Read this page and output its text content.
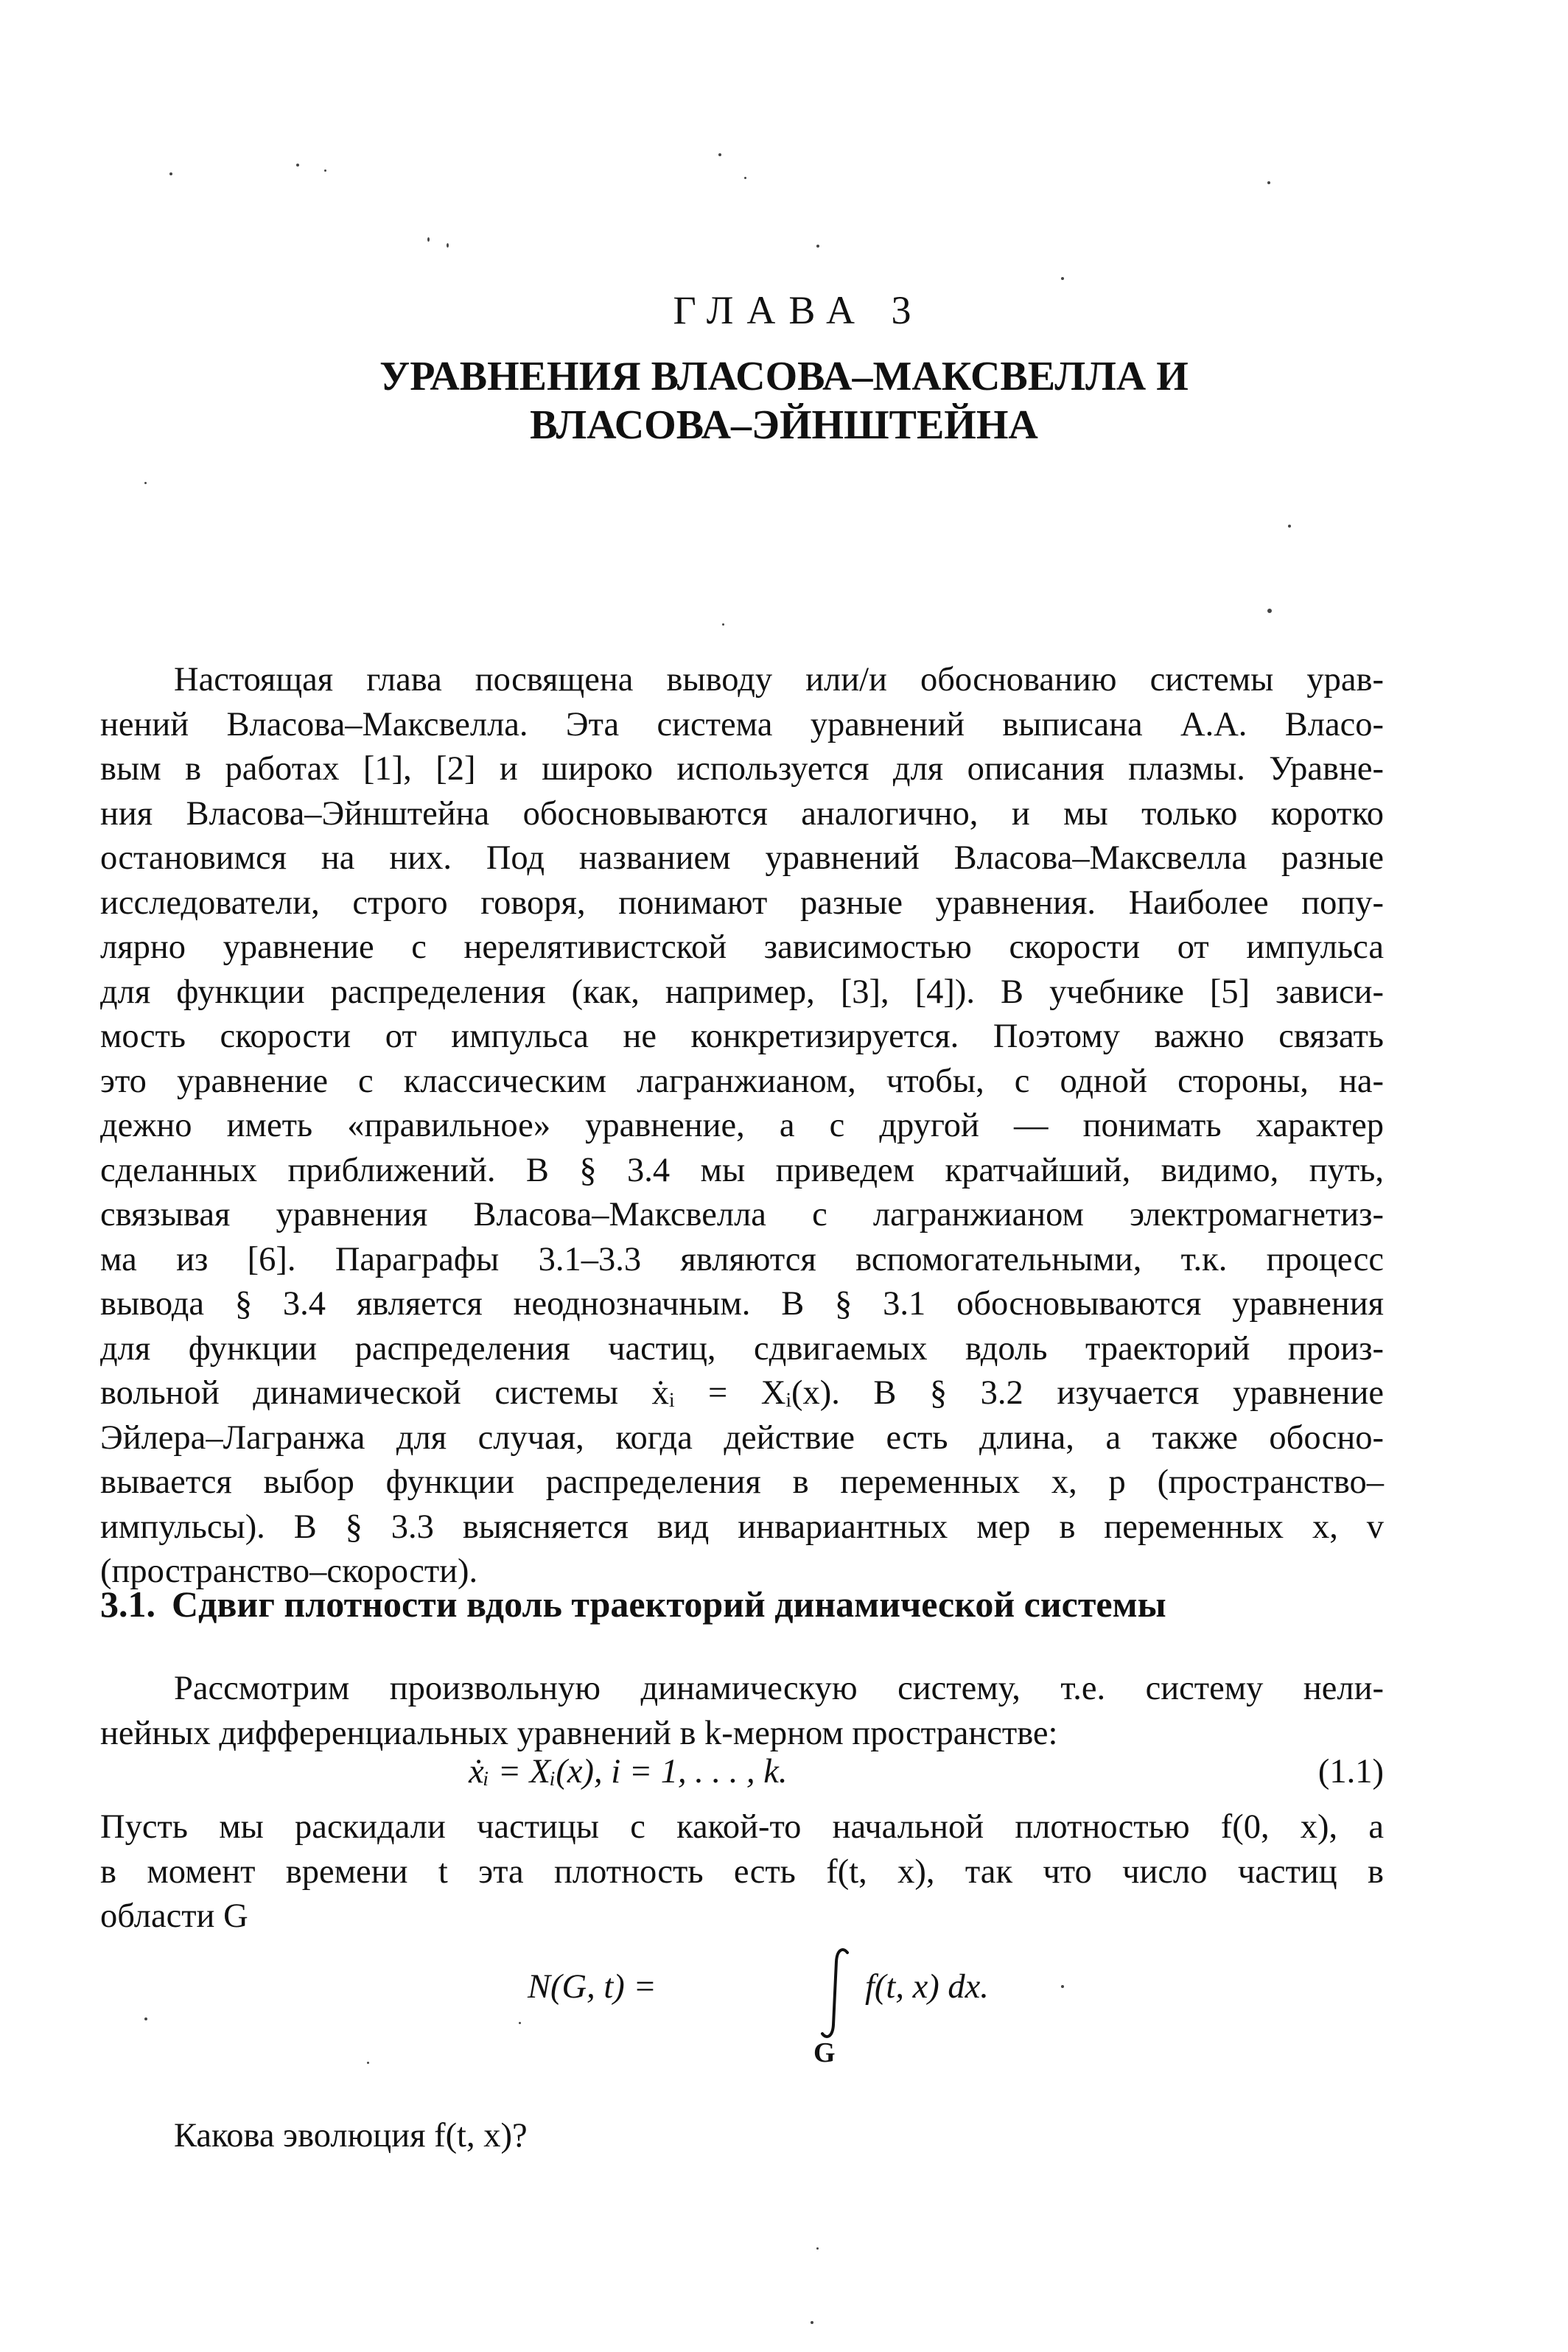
ГЛАВА 3
УРАВНЕНИЯ ВЛАСОВА–МАКСВЕЛЛА И
ВЛАСОВА–ЭЙНШТЕЙНА
Настоящая глава посвящена выводу или/и обоснованию системы урав-
нений Власова–Максвелла. Эта система уравнений выписана А.А. Власо-
вым в работах [1], [2] и широко используется для описания плазмы. Уравне-
ния Власова–Эйнштейна обосновываются аналогично, и мы только коротко
остановимся на них. Под названием уравнений Власова–Максвелла разные
исследователи, строго говоря, понимают разные уравнения. Наиболее попу-
лярно уравнение с нерелятивистской зависимостью скорости от импульса
для функции распределения (как, например, [3], [4]). В учебнике [5] зависи-
мость скорости от импульса не конкретизируется. Поэтому важно связать
это уравнение с классическим лагранжианом, чтобы, с одной стороны, на-
дежно иметь «правильное» уравнение, а с другой — понимать характер
сделанных приближений. В § 3.4 мы приведем кратчайший, видимо, путь,
связывая уравнения Власова–Максвелла с лагранжианом электромагнетиз-
ма из [6]. Параграфы 3.1–3.3 являются вспомогательными, т.к. процесс
вывода § 3.4 является неоднозначным. В § 3.1 обосновываются уравнения
для функции распределения частиц, сдвигаемых вдоль траекторий произ-
вольной динамической системы ẋᵢ = Xᵢ(x). В § 3.2 изучается уравнение
Эйлера–Лагранжа для случая, когда действие есть длина, а также обосно-
вывается выбор функции распределения в переменных x, p (пространство–
импульсы). В § 3.3 выясняется вид инвариантных мер в переменных x, v
(пространство–скорости).
3.1. Сдвиг плотности вдоль траекторий динамической системы
Рассмотрим произвольную динамическую систему, т.е. систему нели-
нейных дифференциальных уравнений в k-мерном пространстве:
ẋᵢ = Xᵢ(x), i = 1, . . . , k.	(1.1)
Пусть мы раскидали частицы с какой-то начальной плотностью f(0, x), а
в момент времени t эта плотность есть f(t, x), так что число частиц в
области G
N(G, t) =	f(t, x) dx.
G
Какова эволюция f(t, x)?
